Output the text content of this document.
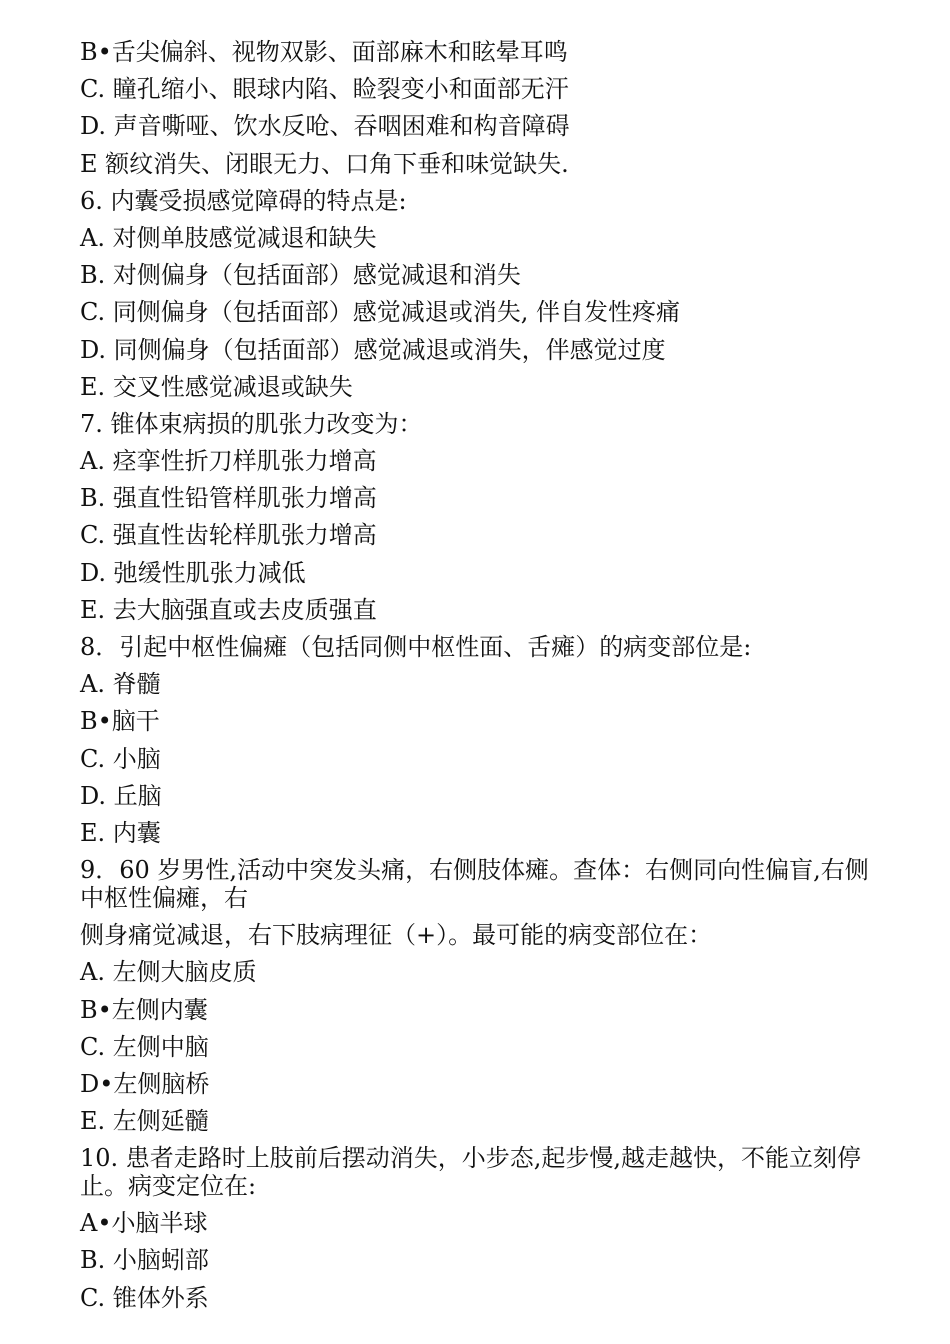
B•舌尖偏斜、视物双影、面部麻木和眩晕耳鸣
C. 瞳孔缩小、眼球内陷、睑裂变小和面部无汗
D. 声音嘶哑、饮水反呛、吞咽困难和构音障碍
E 额纹消失、闭眼无力、口角下垂和味觉缺失.
6. 内囊受损感觉障碍的特点是:
A. 对侧单肢感觉减退和缺失
B. 对侧偏身（包括面部）感觉减退和消失
C. 同侧偏身（包括面部）感觉减退或消失, 伴自发性疼痛
D. 同侧偏身（包括面部）感觉减退或消失，伴感觉过度
E. 交叉性感觉减退或缺失
7. 锥体束病损的肌张力改变为：
A. 痉挛性折刀样肌张力增高
B. 强直性铅管样肌张力增高
C. 强直性齿轮样肌张力增高
D. 弛缓性肌张力减低
E. 去大脑强直或去皮质强直
8．引起中枢性偏瘫（包括同侧中枢性面、舌瘫）的病变部位是:
A. 脊髓
B•脑干
C. 小脑
D. 丘脑
E. 内囊
9．60 岁男性,活动中突发头痛，右侧肢体瘫。查体：右侧同向性偏盲,右侧中枢性偏瘫，右
侧身痛觉减退，右下肢病理征（+）。最可能的病变部位在：
A. 左侧大脑皮质
B•左侧内囊
C. 左侧中脑
D•左侧脑桥
E. 左侧延髓
10. 患者走路时上肢前后摆动消失，小步态,起步慢,越走越快，不能立刻停止。病变定位在:
A•小脑半球
B. 小脑蚓部
C. 锥体外系
